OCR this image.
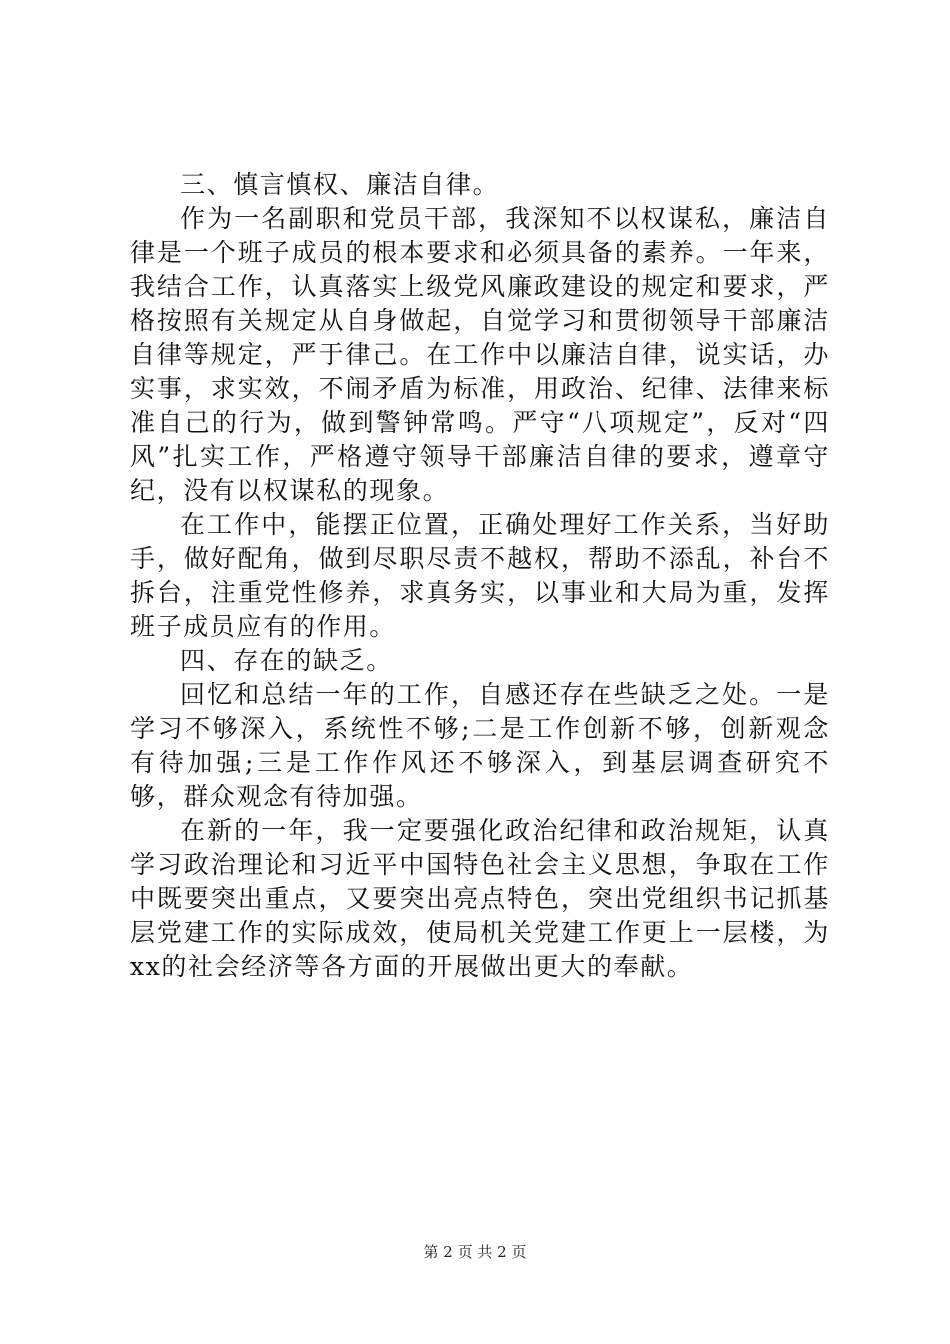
三、慎言慎权、廉洁自律。

作为一名副职和党员干部，我深知不以权谋私，廉洁自律是一个班子成员的根本要求和必须具备的素养。一年来，我结合工作，认真落实上级党风廉政建设的规定和要求，严格按照有关规定从自身做起，自觉学习和贯彻领导干部廉洁自律等规定，严于律己。在工作中以廉洁自律，说实话，办实事，求实效，不闹矛盾为标准，用政治、纪律、法律来标准自己的行为，做到警钟常鸣。严守“八项规定”，反对“四风”扎实工作，严格遵守领导干部廉洁自律的要求，遵章守纪，没有以权谋私的现象。

在工作中，能摆正位置，正确处理好工作关系，当好助手，做好配角，做到尽职尽责不越权，帮助不添乱，补台不拆台，注重党性修养，求真务实，以事业和大局为重，发挥班子成员应有的作用。

四、存在的缺乏。

回忆和总结一年的工作，自感还存在些缺乏之处。一是学习不够深入，系统性不够;二是工作创新不够，创新观念有待加强;三是工作作风还不够深入，到基层调查研究不够，群众观念有待加强。

在新的一年，我一定要强化政治纪律和政治规矩，认真学习政治理论和习近平中国特色社会主义思想，争取在工作中既要突出重点，又要突出亮点特色，突出党组织书记抓基层党建工作的实际成效，使局机关党建工作更上一层楼，为xx的社会经济等各方面的开展做出更大的奉献。

第 2 页 共 2 页
